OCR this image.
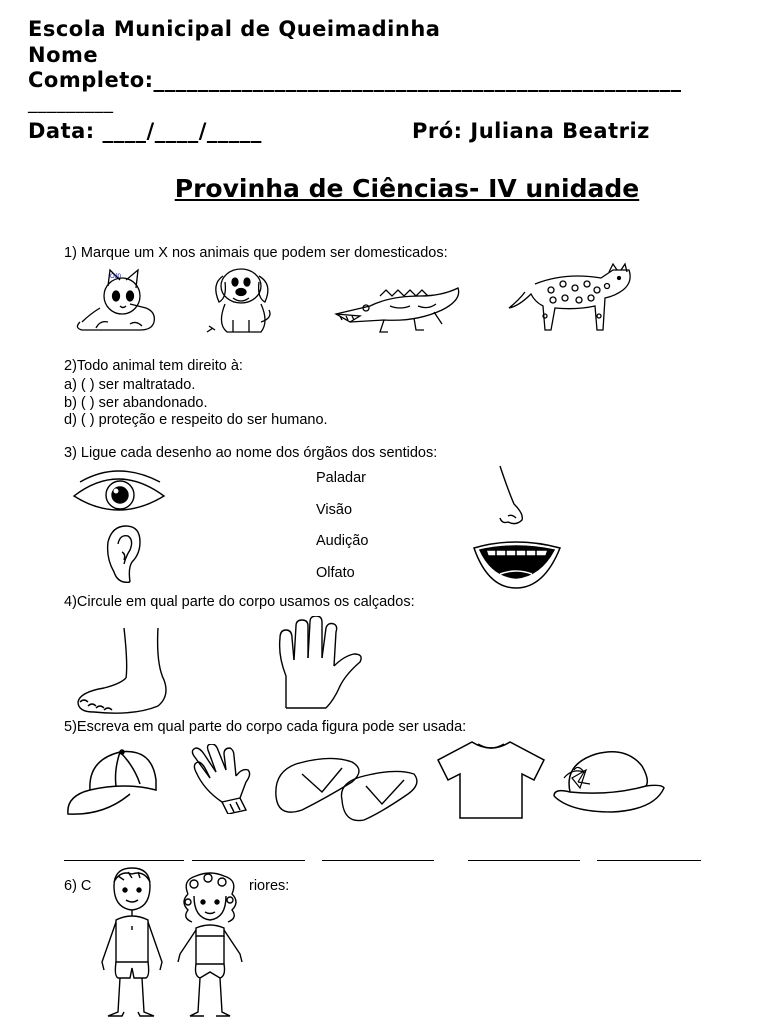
Escola Municipal de Queimadinha
Nome
Completo:________________________________________________
_________
Data: ____/____/_____	Pró: Juliana Beatriz
Provinha de Ciências- IV unidade
1) Marque um X nos animais que podem ser domesticados:
OJ0
2)Todo animal tem direito à:
a) ( ) ser maltratado.
b) ( ) ser abandonado.
d) ( ) proteção e respeito do ser humano.
3) Ligue cada desenho ao nome dos órgãos dos sentidos:
Paladar
Visão
Audição
Olfato
4)Circule em qual parte do corpo usamos os calçados:
5)Escreva em qual parte do corpo cada figura pode ser usada:
6) C	riores:
